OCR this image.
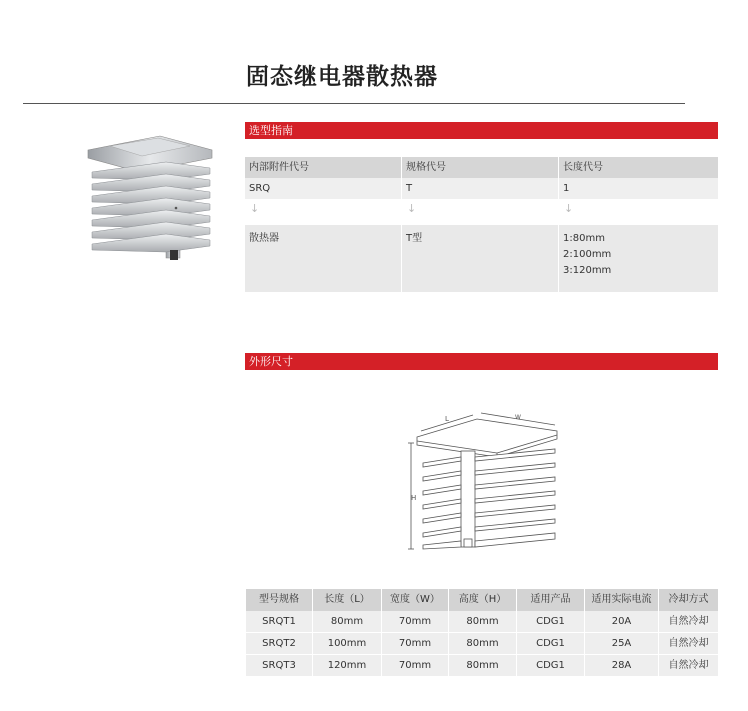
固态继电器散热器
选型指南
内部附件代号	规格代号	长度代号
SRQ	T	1
↓	↓	↓
散热器	T型	1:80mm
2:100mm
3:120mm
外形尺寸
L	W
H
型号规格	长度（L）	宽度（W）	高度（H）	适用产品	适用实际电流	冷却方式
SRQT1	80mm	70mm	80mm	CDG1	20A	自然冷却
SRQT2	100mm	70mm	80mm	CDG1	25A	自然冷却
SRQT3	120mm	70mm	80mm	CDG1	28A	自然冷却
